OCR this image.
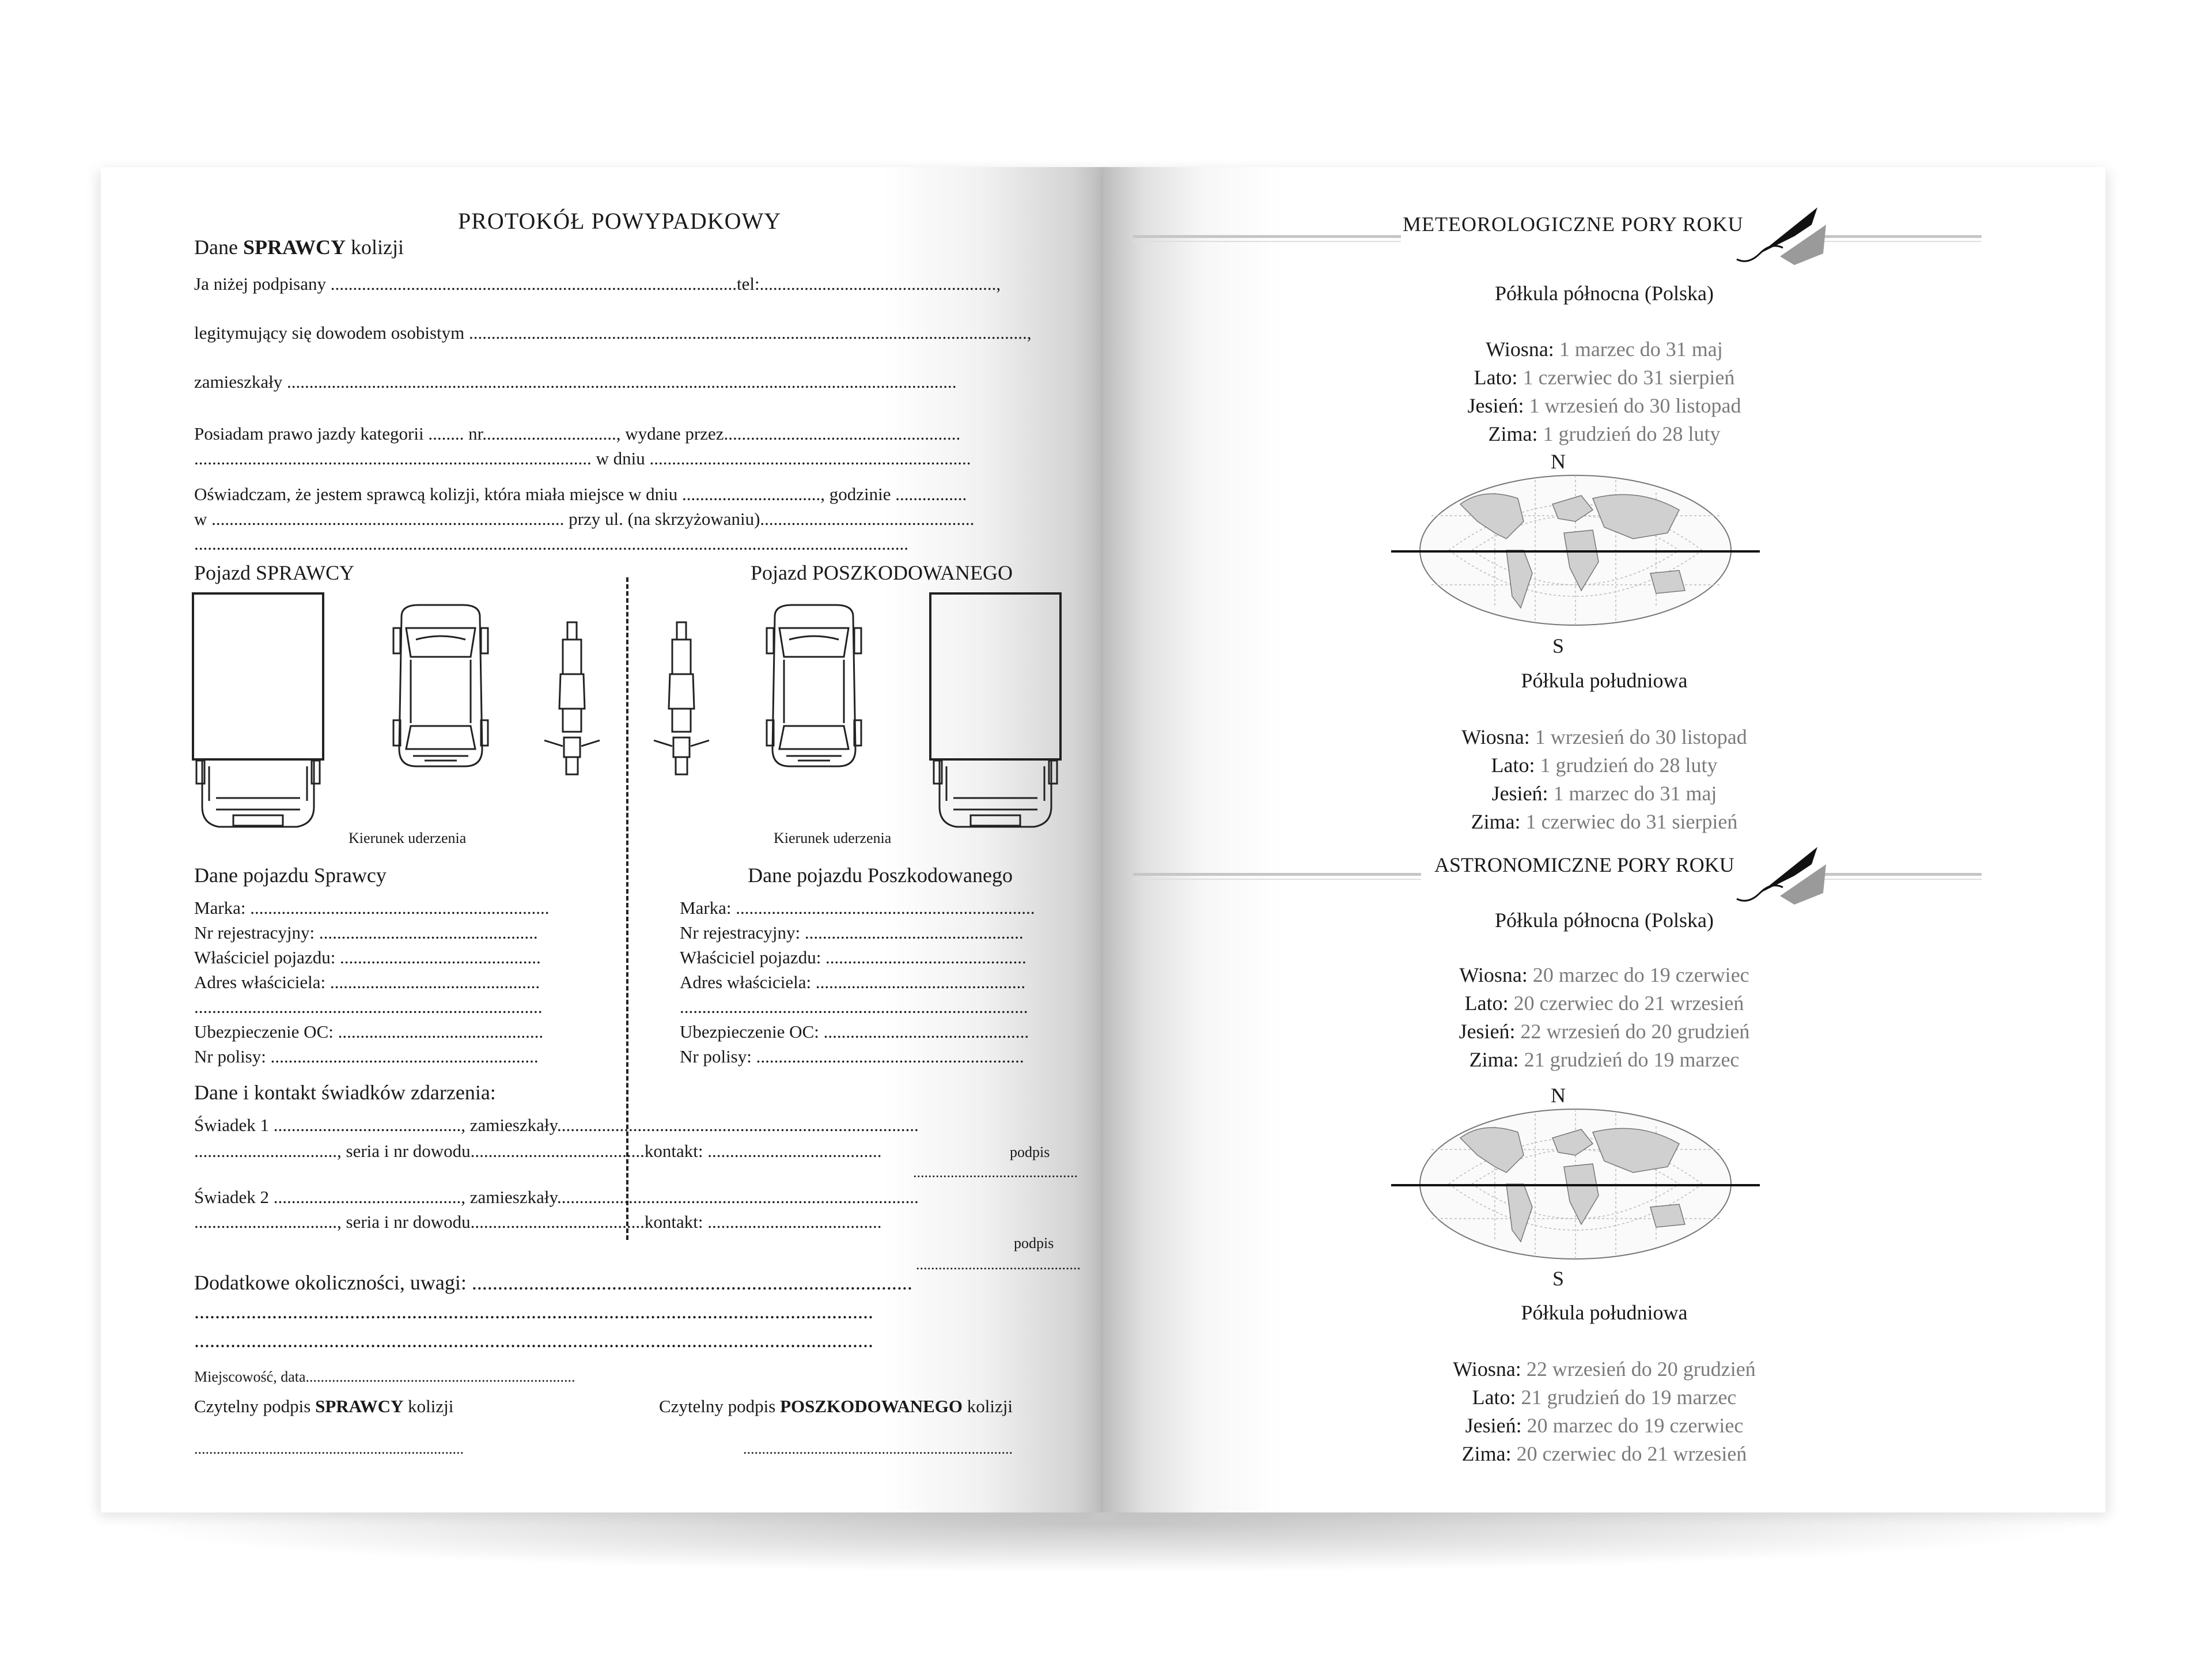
PROTOKÓŁ POWYPADKOWY
Dane SPRAWCY kolizji
Ja niżej podpisany ...........................................................................................tel:.....................................................,
legitymujący się dowodem osobistym .............................................................................................................................,
zamieszkały ......................................................................................................................................................
Posiadam prawo jazdy kategorii ........ nr.............................., wydane przez.....................................................
......................................................................................... w dniu ........................................................................
Oświadczam, że jestem sprawcą kolizji, która miała miejsce w dniu ..............................., godzinie ................
w ............................................................................... przy ul. (na skrzyżowaniu)................................................
................................................................................................................................................................
Pojazd SPRAWCY	Pojazd POSZKODOWANEGO
Kierunek uderzenia	Kierunek uderzenia
Dane pojazdu Sprawcy	Dane pojazdu Poszkodowanego
Marka: ...................................................................
Nr rejestracyjny: .................................................
Właściciel pojazdu: .............................................
Adres właściciela: ...............................................
..............................................................................
Ubezpieczenie OC: ..............................................
Nr polisy: ............................................................
Marka: ...................................................................
Nr rejestracyjny: .................................................
Właściciel pojazdu: .............................................
Adres właściciela: ...............................................
..............................................................................
Ubezpieczenie OC: ..............................................
Nr polisy: ............................................................
Dane i kontakt świadków zdarzenia:
Świadek 1 .........................................., zamieszkały.................................................................................
................................, seria i nr dowodu.......................................kontakt: .......................................	podpis
............................................
Świadek 2 .........................................., zamieszkały.................................................................................
................................, seria i nr dowodu.......................................kontakt: .......................................
podpis
............................................
Dodatkowe okoliczności, uwagi: .....................................................................................
...................................................................................................................................
...................................................................................................................................
Miejscowość, data........................................................................
Czytelny podpis SPRAWCY kolizji	Czytelny podpis POSZKODOWANEGO kolizji
........................................................................	........................................................................
METEOROLOGICZNE PORY ROKU
Półkula północna (Polska)
Wiosna: 1 marzec do 31 maj
Lato: 1 czerwiec do 31 sierpień
Jesień: 1 wrzesień do 30 listopad
Zima: 1 grudzień do 28 luty
N
S
Półkula południowa
Wiosna: 1 wrzesień do 30 listopad
Lato: 1 grudzień do 28 luty
Jesień: 1 marzec do 31 maj
Zima: 1 czerwiec do 31 sierpień
ASTRONOMICZNE PORY ROKU
Półkula północna (Polska)
Wiosna: 20 marzec do 19 czerwiec
Lato: 20 czerwiec do 21 wrzesień
Jesień: 22 wrzesień do 20 grudzień
Zima: 21 grudzień do 19 marzec
N
S
Półkula południowa
Wiosna: 22 wrzesień do 20 grudzień
Lato: 21 grudzień do 19 marzec
Jesień: 20 marzec do 19 czerwiec
Zima: 20 czerwiec do 21 wrzesień
